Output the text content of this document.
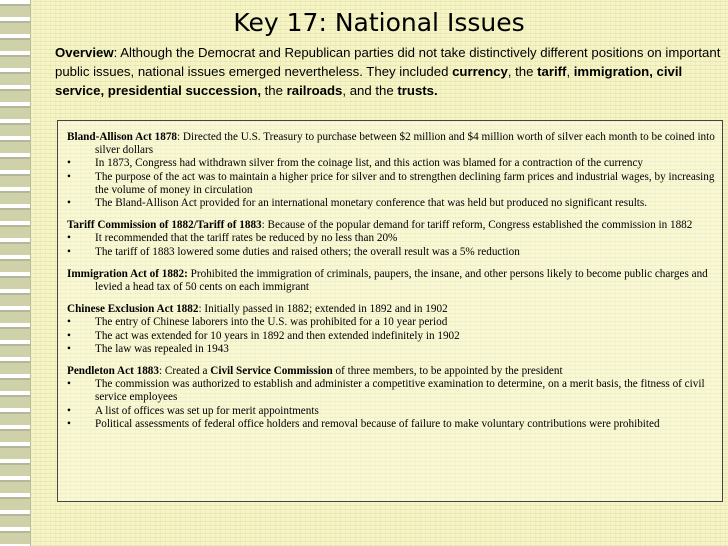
Key 17: National Issues
Overview: Although the Democrat and Republican parties did not take distinctively different positions on important public issues, national issues emerged nevertheless. They included currency, the tariff, immigration, civil service, presidential succession, the railroads, and the trusts.
Bland-Allison Act 1878: Directed the U.S. Treasury to purchase between $2 million and $4 million worth of silver each month to be coined into silver dollars
• In 1873, Congress had withdrawn silver from the coinage list, and this action was blamed for a contraction of the currency
• The purpose of the act was to maintain a higher price for silver and to strengthen declining farm prices and industrial wages, by increasing the volume of money in circulation
• The Bland-Allison Act provided for an international monetary conference that was held but produced no significant results.
Tariff Commission of 1882/Tariff of 1883: Because of the popular demand for tariff reform, Congress established the commission in 1882
• It recommended that the tariff rates be reduced by no less than 20%
• The tariff of 1883 lowered some duties and raised others; the overall result was a 5% reduction
Immigration Act of 1882: Prohibited the immigration of criminals, paupers, the insane, and other persons likely to become public charges and levied a head tax of 50 cents on each immigrant
Chinese Exclusion Act 1882: Initially passed in 1882; extended in 1892 and in 1902
• The entry of Chinese laborers into the U.S. was prohibited for a 10 year period
• The act was extended for 10 years in 1892 and then extended indefinitely in 1902
• The law was repealed in 1943
Pendleton Act 1883: Created a Civil Service Commission of three members, to be appointed by the president
• The commission was authorized to establish and administer a competitive examination to determine, on a merit basis, the fitness of civil service employees
• A list of offices was set up for merit appointments
• Political assessments of federal office holders and removal because of failure to make voluntary contributions were prohibited
